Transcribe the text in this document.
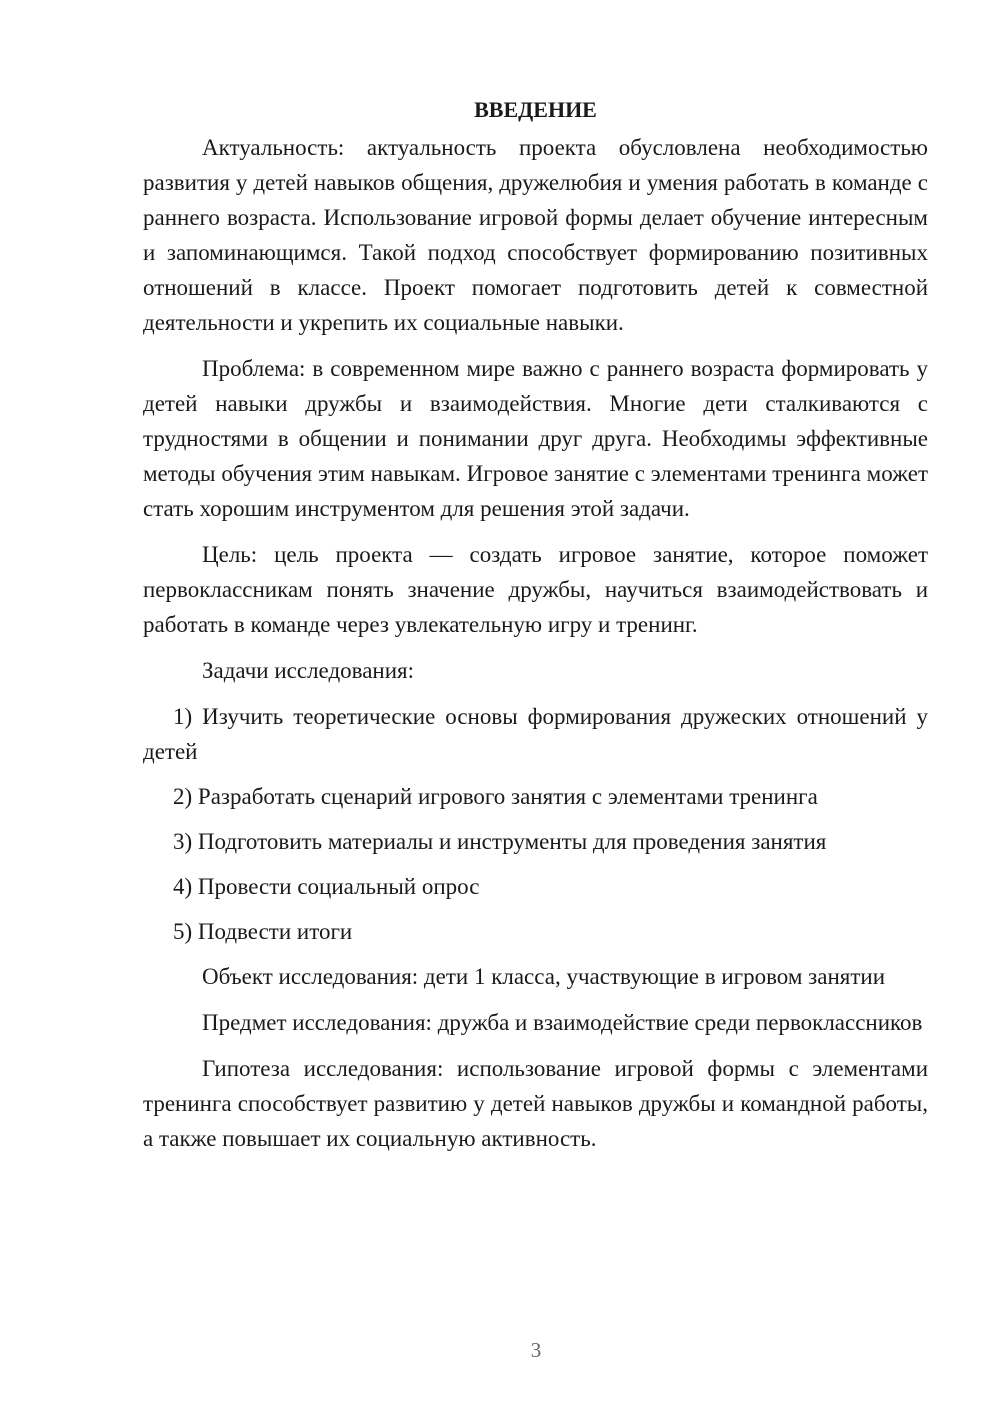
ВВЕДЕНИЕ

Актуальность: актуальность проекта обусловлена необходимостью развития у детей навыков общения, дружелюбия и умения работать в команде с раннего возраста. Использование игровой формы делает обучение интересным и запоминающимся. Такой подход способствует формированию позитивных отношений в классе. Проект помогает подготовить детей к совместной деятельности и укрепить их социальные навыки.

Проблема: в современном мире важно с раннего возраста формировать у детей навыки дружбы и взаимодействия. Многие дети сталкиваются с трудностями в общении и понимании друг друга. Необходимы эффективные методы обучения этим навыкам. Игровое занятие с элементами тренинга может стать хорошим инструментом для решения этой задачи.

Цель: цель проекта — создать игровое занятие, которое поможет первоклассникам понять значение дружбы, научиться взаимодействовать и работать в команде через увлекательную игру и тренинг.

Задачи исследования:

1) Изучить теоретические основы формирования дружеских отношений у детей

2) Разработать сценарий игрового занятия с элементами тренинга

3) Подготовить материалы и инструменты для проведения занятия

4) Провести социальный опрос

5) Подвести итоги

Объект исследования: дети 1 класса, участвующие в игровом занятии

Предмет исследования: дружба и взаимодействие среди первоклассников

Гипотеза исследования: использование игровой формы с элементами тренинга способствует развитию у детей навыков дружбы и командной работы, а также повышает их социальную активность.

3
